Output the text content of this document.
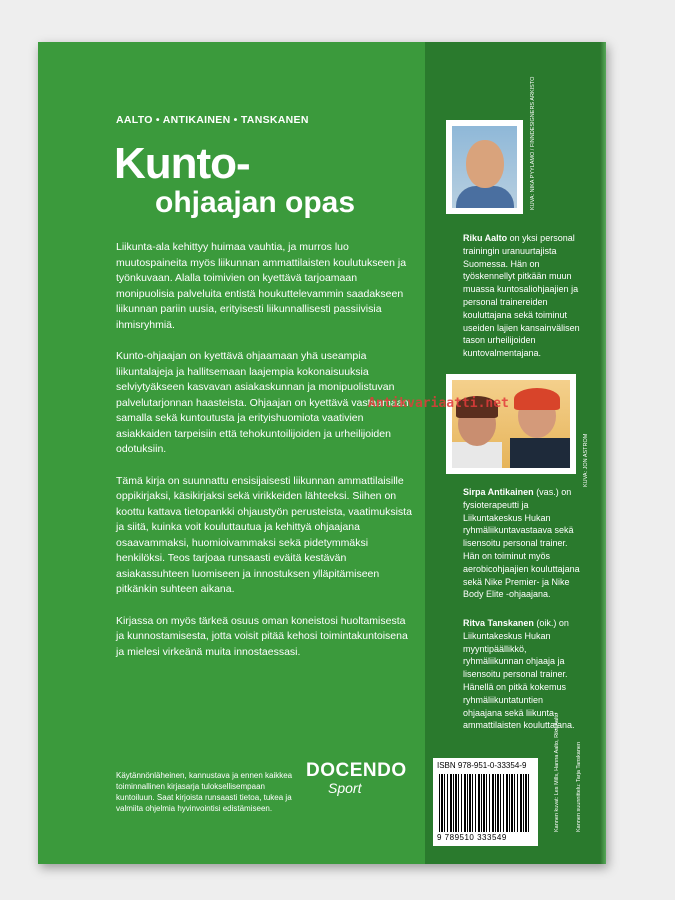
AALTO • ANTIKAINEN • TANSKANEN
Kunto-
ohjaajan opas

Liikunta-ala kehittyy huimaa vauhtia, ja murros luo muutospaineita myös liikunnan ammattilaisten koulutukseen ja työnkuvaan. Alalla toimivien on kyettävä tarjoamaan monipuolisia palveluita entistä houkuttelevammin saadakseen liikunnan pariin uusia, erityisesti liikunnallisesti passiivisia ihmisryhmiä.

Kunto-ohjaajan on kyettävä ohjaamaan yhä useampia liikuntalajeja ja hallitsemaan laajempia kokonaisuuksia selviytyäkseen kasvavan asiakaskunnan ja monipuolistuvan palvelutarjonnan haasteista. Ohjaajan on kyettävä vastaamaan samalla sekä kuntoutusta ja erityishuomiota vaativien asiakkaiden tarpeisiin että tehokuntoilijoiden ja urheilijoiden odotuksiin.

Tämä kirja on suunnattu ensisijaisesti liikunnan ammattilaisille oppikirjaksi, käsikirjaksi sekä virikkeiden lähteeksi. Siihen on koottu kattava tietopankki ohjaustyön perusteista, vaatimuksista ja siitä, kuinka voit kouluttautua ja kehittyä ohjaajana osaavammaksi, huomioivammaksi sekä pidetymmäksi henkilöksi. Teos tarjoaa runsaasti eväitä kestävän asiakassuhteen luomiseen ja innostuksen ylläpitämiseen pitkänkin suhteen aikana.

Kirjassa on myös tärkeä osuus oman koneistosi huoltamisesta ja kunnostamisesta, jotta voisit pitää kehosi toimintakuntoisena ja mielesi virkeänä muita innostaessasi.

Käytännönläheinen, kannustava ja ennen kaikkea toiminnallinen kirjasarja tuloksellisempaan kuntoiluun. Saat kirjoista runsaasti tietoa, tukea ja valmiita ohjelmia hyvinvointisi edistämiseen.
DOCENDO
Sport
KUVA: NIKA PYYLAMO / FINNDESIGNERS ARKISTO
Riku Aalto on yksi personal trainingin uranuurtajista Suomessa. Hän on työskennellyt pitkään muun muassa kuntosaliohjaajien ja personal trainereiden kouluttajana sekä toiminut useiden lajien kansainvälisen tason urheilijoiden kuntovalmentajana.
KUVA: JON ASTROM
Sirpa Antikainen (vas.) on fysioterapeutti ja Liikuntakeskus Hukan ryhmäliikuntavastaava sekä lisensoitu personal trainer. Hän on toiminut myös aerobicohjaajien kouluttajana sekä Nike Premier- ja Nike Body Elite -ohjaajana.
Ritva Tanskanen (oik.) on Liikuntakeskus Hukan myyntipäällikkö, ryhmäliikunnan ohjaaja ja lisensoitu personal trainer. Hänellä on pitkä kokemus ryhmäliikuntatuntien ohjaajana sekä liikunta-ammattilaisten kouluttajana.
ISBN 978-951-0-33354-9
9 789510 333549
Kannen kuvat: Les Mills, Hanna Aalto, Riku Aalto	Kannen suunnittelu: Tarja Tanskanen
Antikvariaatti.net
